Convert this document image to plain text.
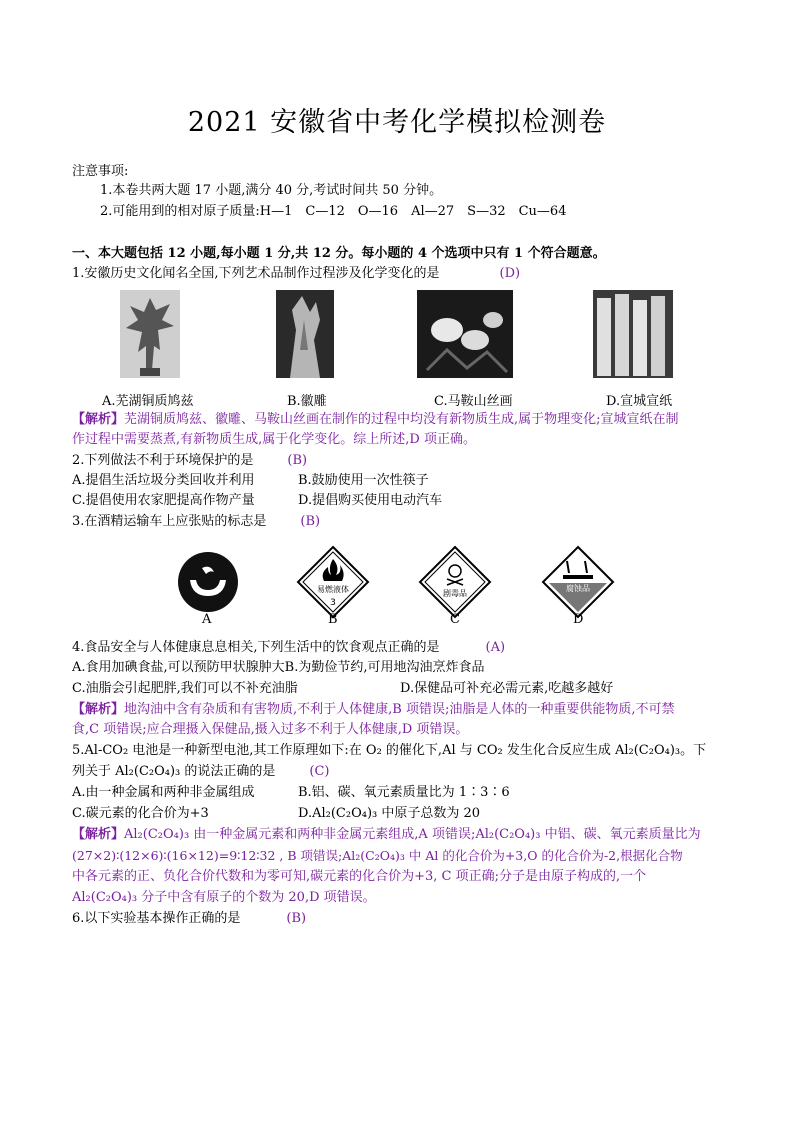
2021 安徽省中考化学模拟检测卷
注意事项:
1.本卷共两大题 17 小题,满分 40 分,考试时间共 50 分钟。
2.可能用到的相对原子质量:H—1　C—12　O—16　Al—27　S—32　Cu—64
一、本大题包括 12 小题,每小题 1 分,共 12 分。每小题的 4 个选项中只有 1 个符合题意。
1.安徽历史文化闻名全国,下列艺术品制作过程涉及化学变化的是	(D)
A.芜湖铜质鸠兹	B.徽雕	C.马鞍山丝画	D.宣城宣纸
【解析】芜湖铜质鸠兹、徽雕、马鞍山丝画在制作的过程中均没有新物质生成,属于物理变化;宣城宣纸在制
作过程中需要蒸煮,有新物质生成,属于化学变化。综上所述,D 项正确。
2.下列做法不利于环境保护的是	(B)
A.提倡生活垃圾分类回收并利用	B.鼓励使用一次性筷子
C.提倡使用农家肥提高作物产量	D.提倡购买使用电动汽车
3.在酒精运输车上应张贴的标志是	(B)
易燃液体
3
剧毒品
腐蚀品
A	B	C	D
4.食品安全与人体健康息息相关,下列生活中的饮食观点正确的是	(A)
A.食用加碘食盐,可以预防甲状腺肿大B.为勤俭节约,可用地沟油烹炸食品
C.油脂会引起肥胖,我们可以不补充油脂	D.保健品可补充必需元素,吃越多越好
【解析】地沟油中含有杂质和有害物质,不利于人体健康,B 项错误;油脂是人体的一种重要供能物质,不可禁
食,C 项错误;应合理摄入保健品,摄入过多不利于人体健康,D 项错误。
5.Al-CO₂ 电池是一种新型电池,其工作原理如下:在 O₂ 的催化下,Al 与 CO₂ 发生化合反应生成 Al₂(C₂O₄)₃。下
列关于 Al₂(C₂O₄)₃ 的说法正确的是	(C)
A.由一种金属和两种非金属组成	B.铝、碳、氧元素质量比为 1∶3∶6
C.碳元素的化合价为+3	D.Al₂(C₂O₄)₃ 中原子总数为 20
【解析】Al₂(C₂O₄)₃ 由一种金属元素和两种非金属元素组成,A 项错误;Al₂(C₂O₄)₃ 中铝、碳、氧元素质量比为
(27×2)∶(12×6)∶(16×12)=9∶12∶32 , B 项错误;Al₂(C₂O₄)₃ 中 Al 的化合价为+3,O 的化合价为-2,根据化合物
中各元素的正、负化合价代数和为零可知,碳元素的化合价为+3, C 项正确;分子是由原子构成的,一个
Al₂(C₂O₄)₃ 分子中含有原子的个数为 20,D 项错误。
6.以下实验基本操作正确的是	(B)
